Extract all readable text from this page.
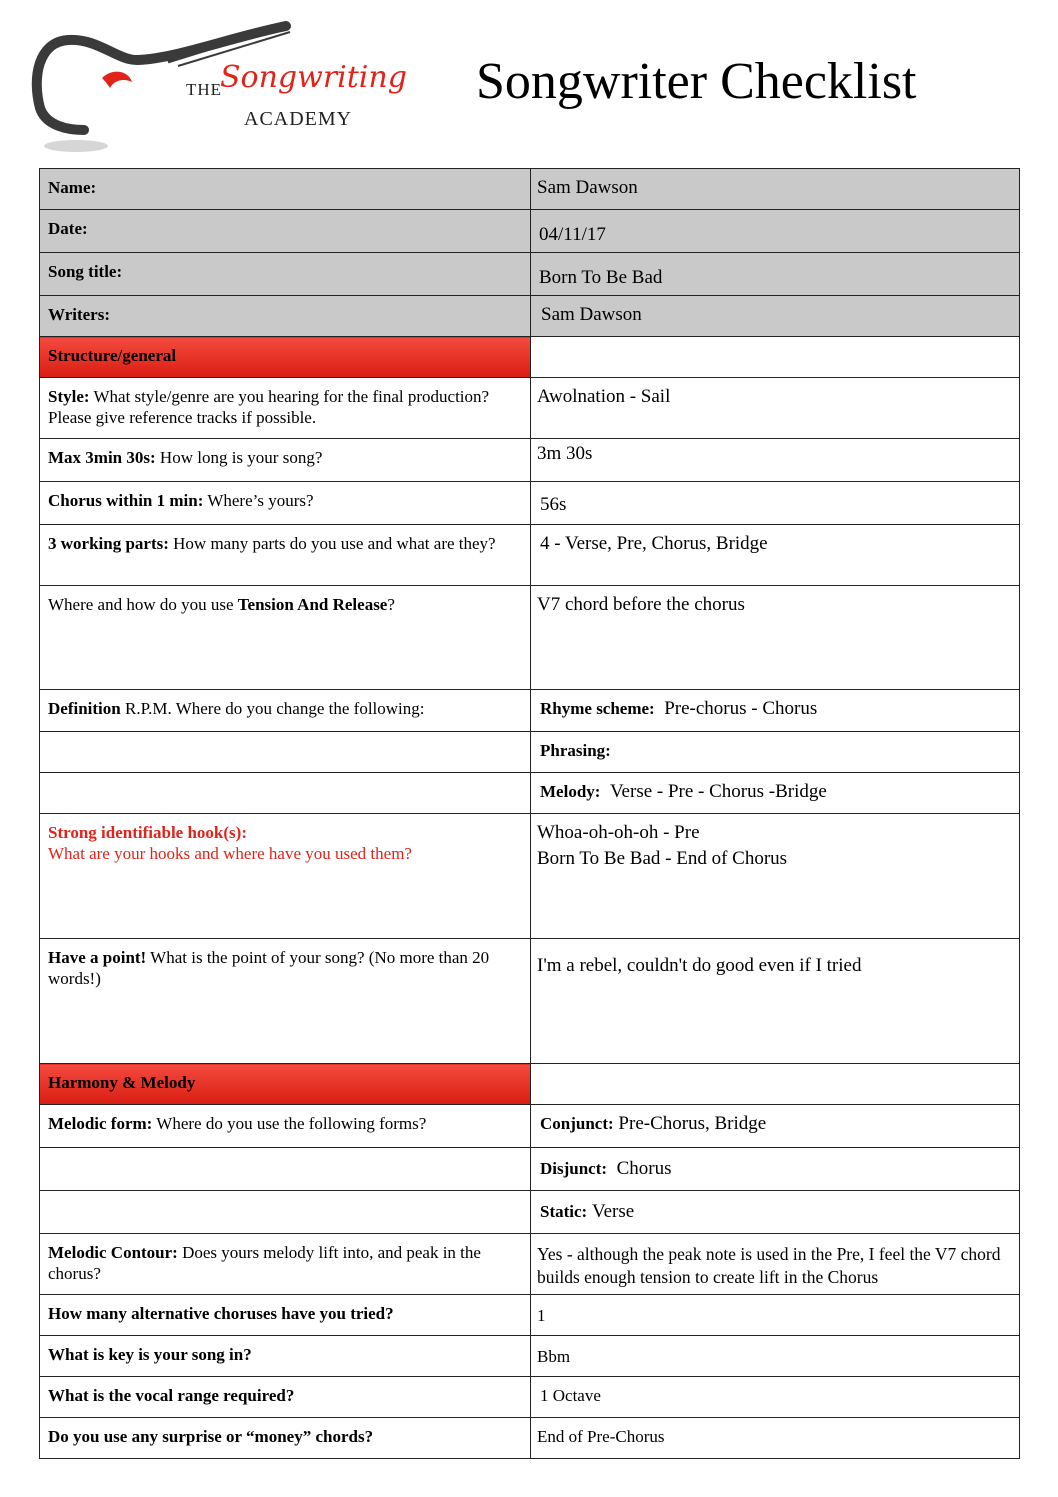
THE
Songwriting
ACADEMY
Songwriter Checklist
Name:	Sam Dawson
Date:	04/11/17
Song title:	Born To Be Bad
Writers:	Sam Dawson
Structure/general	
Style: What style/genre are you hearing for the final production? Please give reference tracks if possible.	Awolnation - Sail
Max 3min 30s: How long is your song?	3m 30s
Chorus within 1 min: Where’s yours?	56s
3 working parts: How many parts do you use and what are they?	4 - Verse, Pre, Chorus, Bridge
Where and how do you use Tension And Release?	V7 chord before the chorus
Definition R.P.M. Where do you change the following:	Rhyme scheme: Pre-chorus - Chorus
	Phrasing:
	Melody: Verse - Pre - Chorus -Bridge
Strong identifiable hook(s):
What are your hooks and where have you used them?	Whoa-oh-oh-oh - Pre
Born To Be Bad - End of Chorus
Have a point! What is the point of your song? (No more than 20 words!)	I'm a rebel, couldn't do good even if I tried
Harmony & Melody	
Melodic form: Where do you use the following forms?	Conjunct: Pre-Chorus, Bridge
	Disjunct: Chorus
	Static: Verse
Melodic Contour: Does yours melody lift into, and peak in the chorus?	Yes - although the peak note is used in the Pre, I feel the V7 chord builds enough tension to create lift in the Chorus
How many alternative choruses have you tried?	1
What is key is your song in?	Bbm
What is the vocal range required?	1 Octave
Do you use any surprise or “money” chords?	End of Pre-Chorus
